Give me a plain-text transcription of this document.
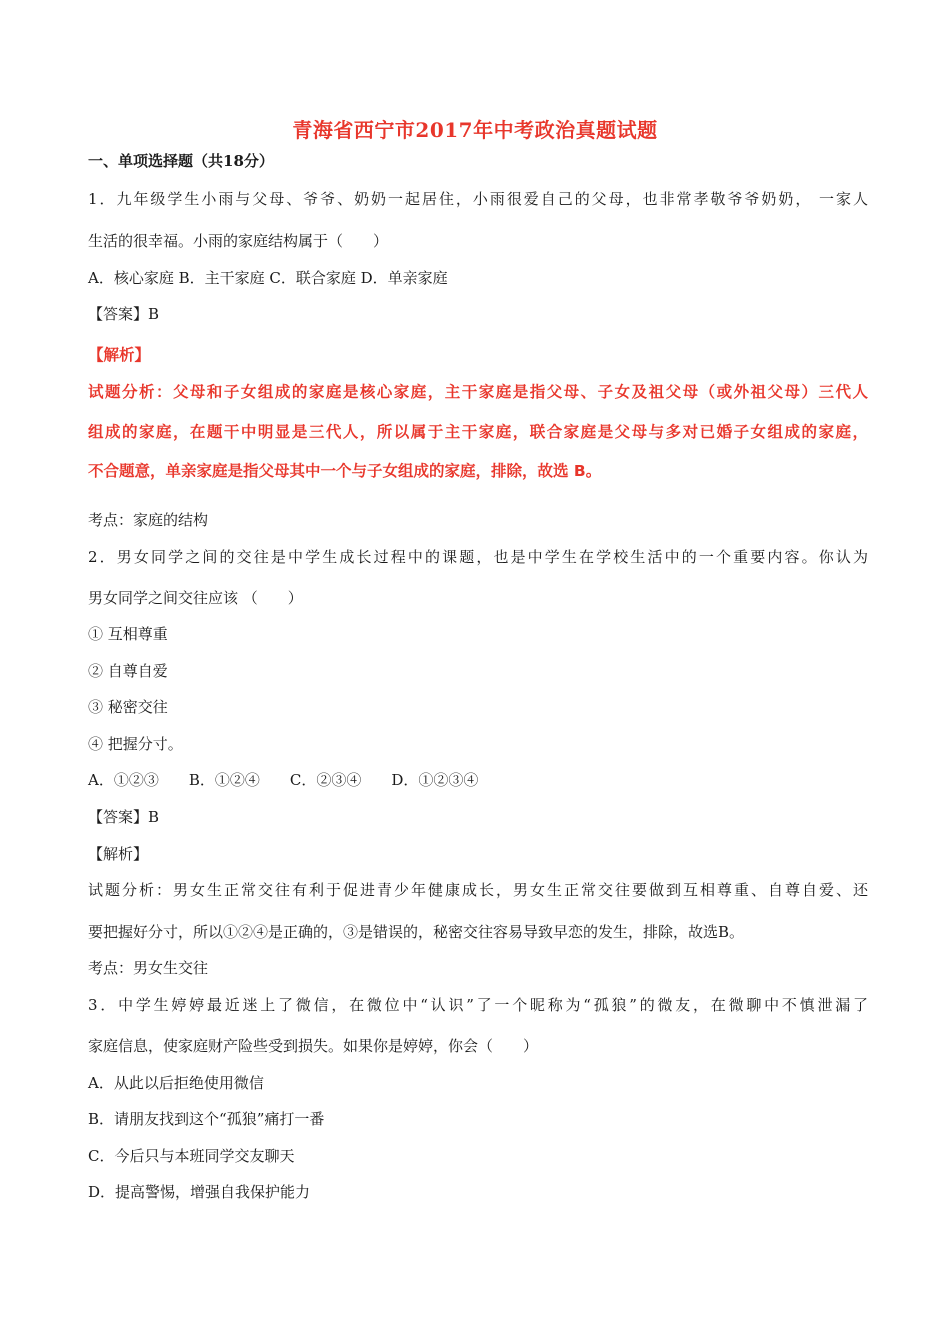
青海省西宁市2017年中考政治真题试题
一、单项选择题（共18分）
1．九年级学生小雨与父母、爷爷、奶奶一起居住，小雨很爱自己的父母，也非常孝敬爷爷奶奶， 一家人
生活的很幸福。小雨的家庭结构属于（　　）
A．核心家庭 B．主干家庭 C．联合家庭 D．单亲家庭
【答案】B
【解析】
试题分析：父母和子女组成的家庭是核心家庭，主干家庭是指父母、子女及祖父母（或外祖父母）三代人
组成的家庭，在题干中明显是三代人，所以属于主干家庭，联合家庭是父母与多对已婚子女组成的家庭，
不合题意，单亲家庭是指父母其中一个与子女组成的家庭，排除，故选 B。
考点：家庭的结构
2．男女同学之间的交往是中学生成长过程中的课题，也是中学生在学校生活中的一个重要内容。你认为
男女同学之间交往应该 （　　）
① 互相尊重
② 自尊自爱
③ 秘密交往
④ 把握分寸。
A．①②③　　B．①②④　　C．②③④　　D．①②③④
【答案】B
【解析】
试题分析：男女生正常交往有利于促进青少年健康成长，男女生正常交往要做到互相尊重、自尊自爱、还
要把握好分寸，所以①②④是正确的，③是错误的，秘密交往容易导致早恋的发生，排除，故选B。
考点：男女生交往
3．中学生婷婷最近迷上了微信，在微位中“认识”了一个昵称为“孤狼”的微友，在微聊中不慎泄漏了
家庭信息，使家庭财产险些受到损失。如果你是婷婷，你会（　　）
A．从此以后拒绝使用微信
B．请朋友找到这个“孤狼”痛打一番
C．今后只与本班同学交友聊天
D．提高警惕，增强自我保护能力
